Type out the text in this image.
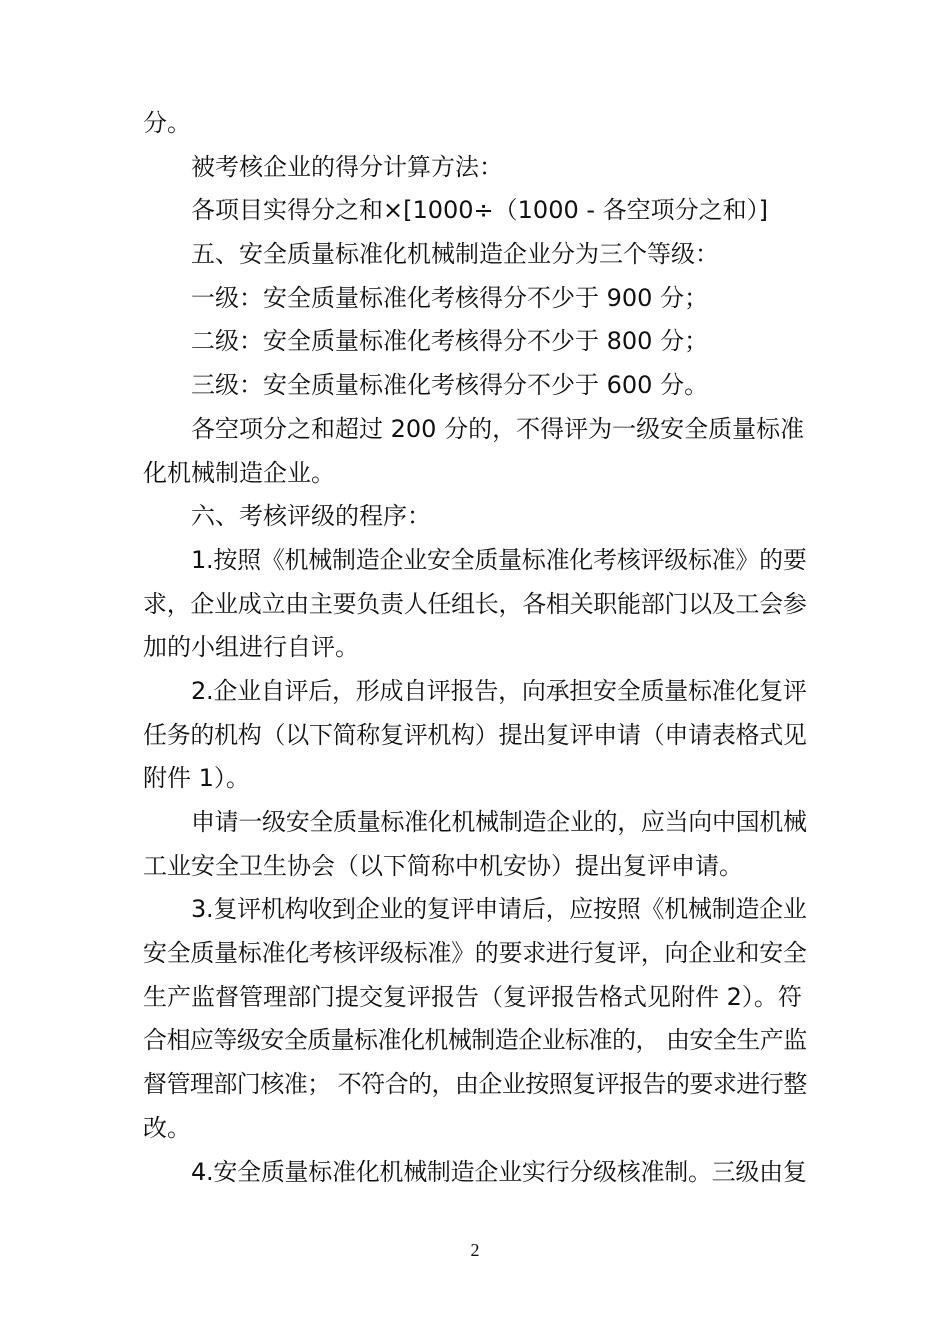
分。
被考核企业的得分计算方法：
各项目实得分之和×[1000÷（1000 - 各空项分之和）]
五、安全质量标准化机械制造企业分为三个等级：
一级：安全质量标准化考核得分不少于 900 分；
二级：安全质量标准化考核得分不少于 800 分；
三级：安全质量标准化考核得分不少于 600 分。
各空项分之和超过 200 分的，不得评为一级安全质量标准
化机械制造企业。
六、考核评级的程序：
1.按照《机械制造企业安全质量标准化考核评级标准》的要
求，企业成立由主要负责人任组长，各相关职能部门以及工会参
加的小组进行自评。
2.企业自评后，形成自评报告，向承担安全质量标准化复评
任务的机构（以下简称复评机构）提出复评申请（申请表格式见
附件 1）。
申请一级安全质量标准化机械制造企业的，应当向中国机械
工业安全卫生协会（以下简称中机安协）提出复评申请。
3.复评机构收到企业的复评申请后，应按照《机械制造企业
安全质量标准化考核评级标准》的要求进行复评，向企业和安全
生产监督管理部门提交复评报告（复评报告格式见附件 2）。符
合相应等级安全质量标准化机械制造企业标准的， 由安全生产监
督管理部门核准； 不符合的，由企业按照复评报告的要求进行整
改。
4.安全质量标准化机械制造企业实行分级核准制。三级由复
2
